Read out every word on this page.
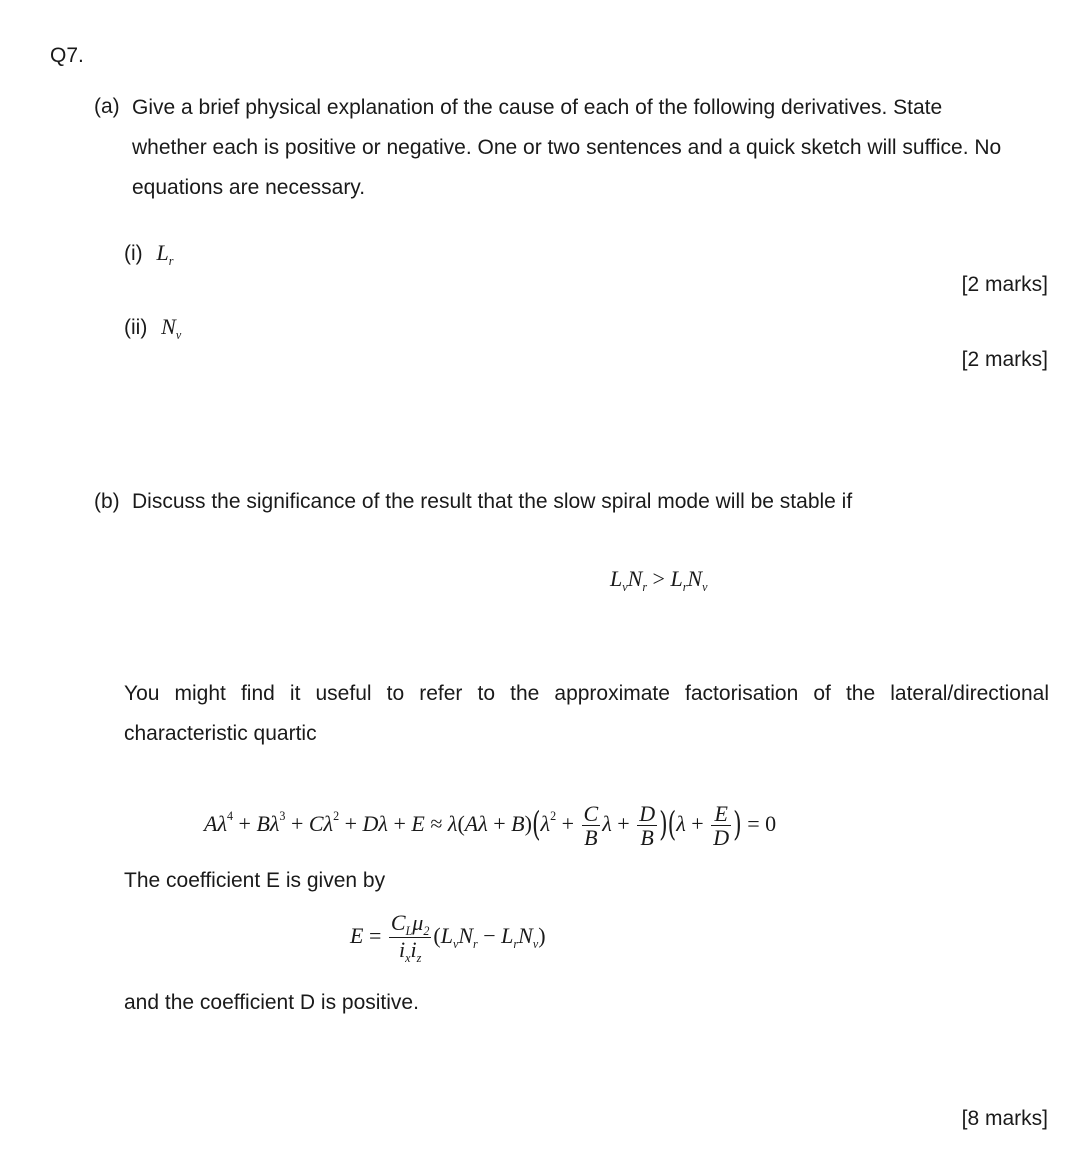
Q7.
(a) Give a brief physical explanation of the cause of each of the following derivatives. State whether each is positive or negative. One or two sentences and a quick sketch will suffice. No equations are necessary.
(i) $L_r$
[2 marks]
(ii) $N_v$
[2 marks]
(b) Discuss the significance of the result that the slow spiral mode will be stable if
$L_vN_r > L_rN_v$
You might find it useful to refer to the approximate factorisation of the lateral/directional characteristic quartic
$A\lambda^4 + B\lambda^3 + C\lambda^2 + D\lambda + E \approx \lambda(A\lambda + B)(\lambda^2 + \frac{C}{B}$ $\lambda + \frac{D}{B} )(\lambda + \frac{E}{D}$ ) = 0
The coefficient E is given by
$E = \frac{C_L\mu_2}{i_xi_z} (L_vN_r - L_rN_v)$
and the coefficient D is positive.
[8 marks]
